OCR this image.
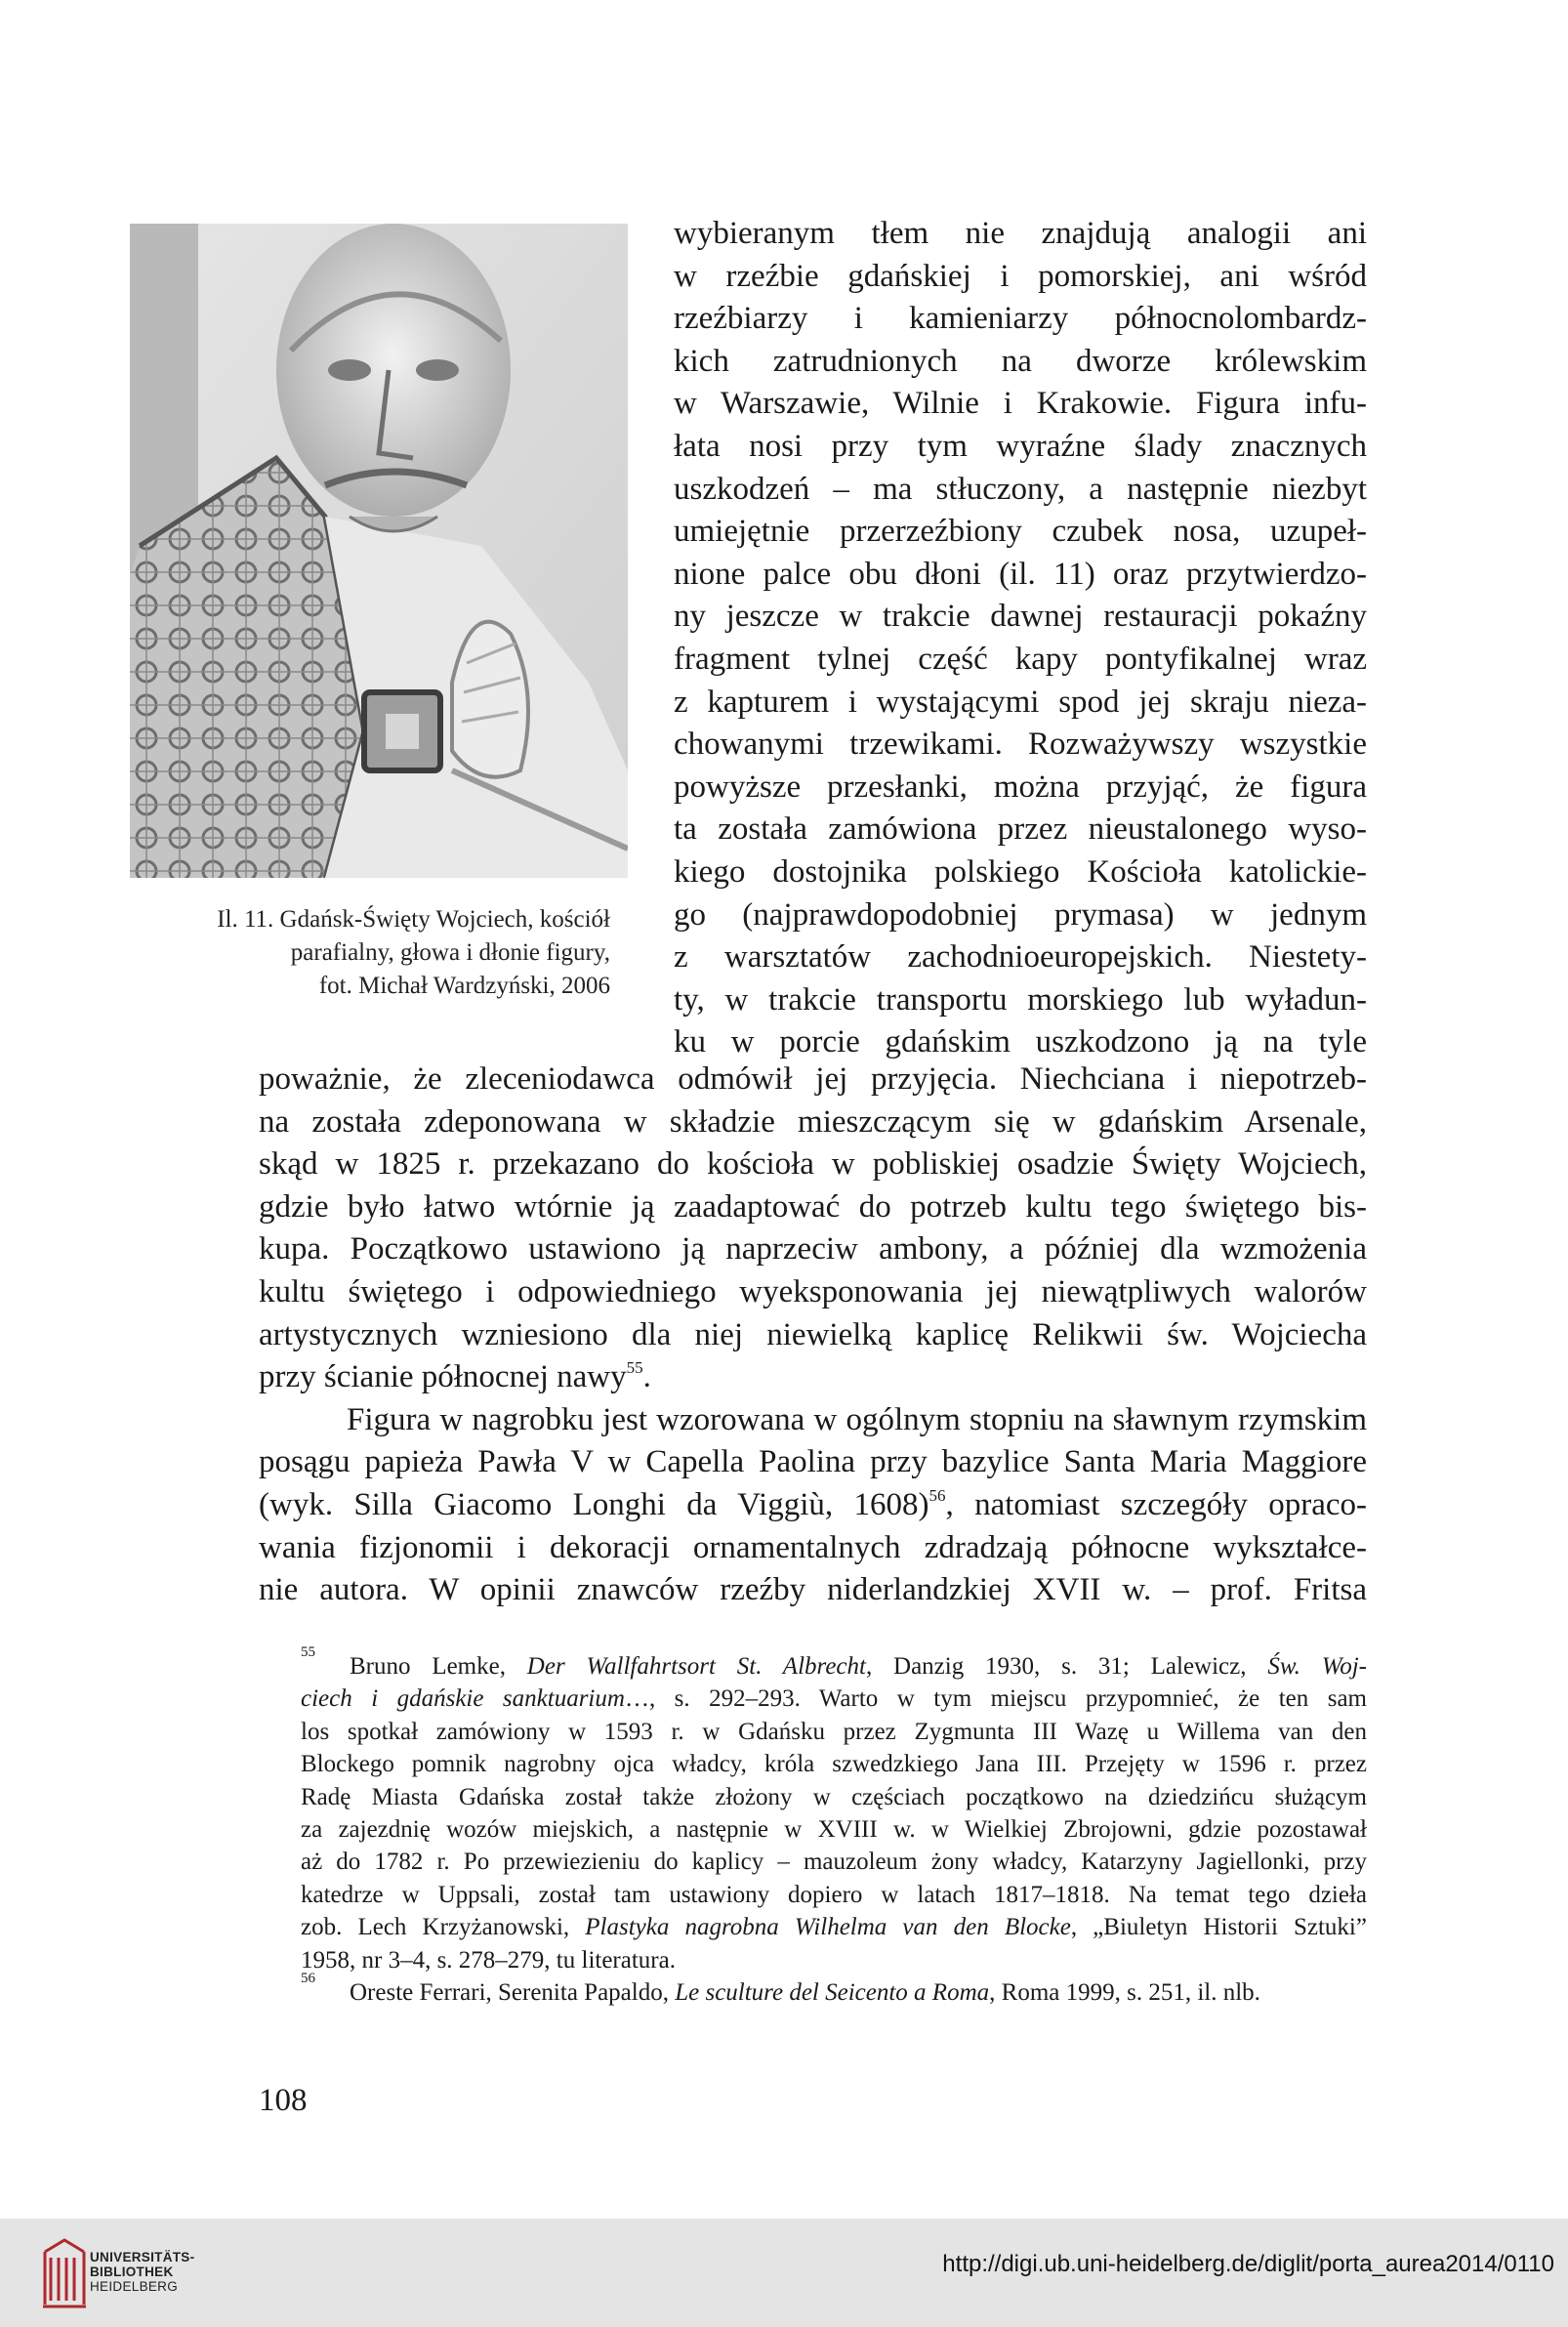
Il. 11. Gdańsk-Święty Wojciech, kościół
parafialny, głowa i dłonie figury,
fot. Michał Wardzyński, 2006
wybieranym tłem nie znajdują analogii ani
w rzeźbie gdańskiej i pomorskiej, ani wśród
rzeźbiarzy i kamieniarzy północnolombardz-
kich zatrudnionych na dworze królewskim
w Warszawie, Wilnie i Krakowie. Figura infu-
łata nosi przy tym wyraźne ślady znacznych
uszkodzeń – ma stłuczony, a następnie niezbyt
umiejętnie przerzeźbiony czubek nosa, uzupeł-
nione palce obu dłoni (il. 11) oraz przytwierdzo-
ny jeszcze w trakcie dawnej restauracji pokaźny
fragment tylnej część kapy pontyfikalnej wraz
z kapturem i wystającymi spod jej skraju nieza-
chowanymi trzewikami. Rozważywszy wszystkie
powyższe przesłanki, można przyjąć, że figura
ta została zamówiona przez nieustalonego wyso-
kiego dostojnika polskiego Kościoła katolickie-
go (najprawdopodobniej prymasa) w jednym
z warsztatów zachodnioeuropejskich. Niestety-
ty, w trakcie transportu morskiego lub wyładun-
ku w porcie gdańskim uszkodzono ją na tyle
poważnie, że zleceniodawca odmówił jej przyjęcia. Niechciana i niepotrzeb-
na została zdeponowana w składzie mieszczącym się w gdańskim Arsenale,
skąd w 1825 r. przekazano do kościoła w pobliskiej osadzie Święty Wojciech,
gdzie było łatwo wtórnie ją zaadaptować do potrzeb kultu tego świętego bis-
kupa. Początkowo ustawiono ją naprzeciw ambony, a później dla wzmożenia
kultu świętego i odpowiedniego wyeksponowania jej niewątpliwych walorów
artystycznych wzniesiono dla niej niewielką kaplicę Relikwii św. Wojciecha
przy ścianie północnej nawy$^{55}$.
Figura w nagrobku jest wzorowana w ogólnym stopniu na sławnym rzymskim
posągu papieża Pawła V w Capella Paolina przy bazylice Santa Maria Maggiore
(wyk. Silla Giacomo Longhi da Viggiù, 1608)$^{56}$, natomiast szczegóły opraco-
wania fizjonomii i dekoracji ornamentalnych zdradzają północne wykształce-
nie autora. W opinii znawców rzeźby niderlandzkiej XVII w. – prof. Fritsa
55
Bruno Lemke, Der Wallfahrtsort St. Albrecht, Danzig 1930, s. 31; Lalewicz, Św. Woj-
ciech i gdańskie sanktuarium…, s. 292–293. Warto w tym miejscu przypomnieć, że ten sam
los spotkał zamówiony w 1593 r. w Gdańsku przez Zygmunta III Wazę u Willema van den
Blockego pomnik nagrobny ojca władcy, króla szwedzkiego Jana III. Przejęty w 1596 r. przez
Radę Miasta Gdańska został także złożony w częściach początkowo na dziedzińcu służącym
za zajezdnię wozów miejskich, a następnie w XVIII w. w Wielkiej Zbrojowni, gdzie pozostawał
aż do 1782 r. Po przewiezieniu do kaplicy – mauzoleum żony władcy, Katarzyny Jagiellonki, przy
katedrze w Uppsali, został tam ustawiony dopiero w latach 1817–1818. Na temat tego dzieła
zob. Lech Krzyżanowski, Plastyka nagrobna Wilhelma van den Blocke, „Biuletyn Historii Sztuki”
1958, nr 3–4, s. 278–279, tu literatura.
56
Oreste Ferrari, Serenita Papaldo, Le sculture del Seicento a Roma, Roma 1999, s. 251, il. nlb.
108
UNIVERSITÄTS-
BIBLIOTHEK
HEIDELBERG
http://digi.ub.uni-heidelberg.de/diglit/porta_aurea2014/0110
